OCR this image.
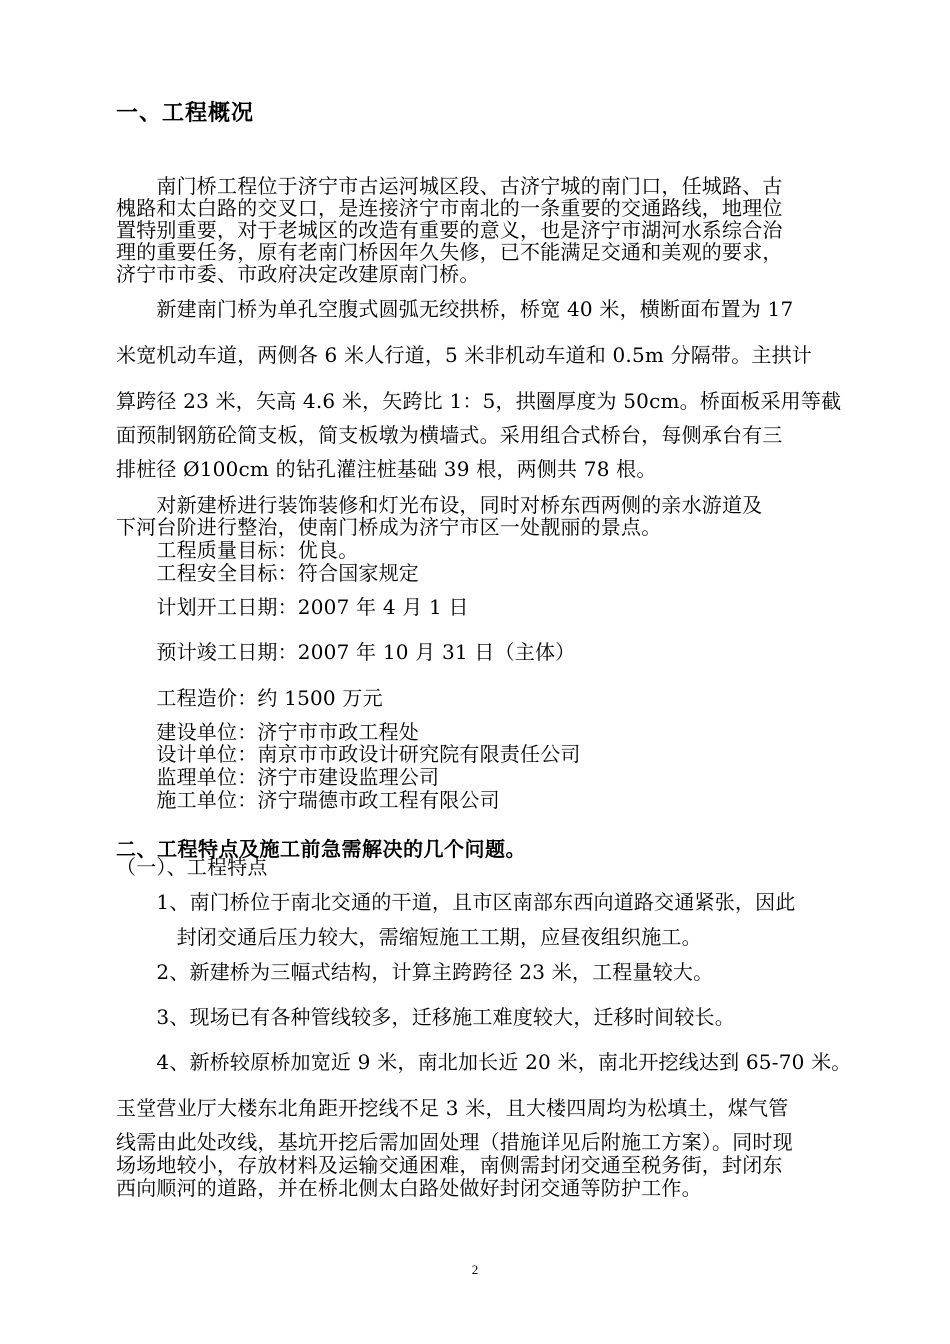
一、工程概况
　　南门桥工程位于济宁市古运河城区段、古济宁城的南门口，任城路、古
槐路和太白路的交叉口，是连接济宁市南北的一条重要的交通路线，地理位
置特别重要，对于老城区的改造有重要的意义，也是济宁市湖河水系综合治
理的重要任务，原有老南门桥因年久失修，已不能满足交通和美观的要求，
济宁市市委、市政府决定改建原南门桥。
　　新建南门桥为单孔空腹式圆弧无绞拱桥，桥宽 40 米，横断面布置为 17
米宽机动车道，两侧各 6 米人行道，5 米非机动车道和 0.5m 分隔带。主拱计
算跨径 23 米，矢高 4.6 米，矢跨比 1：5，拱圈厚度为 50cm。桥面板采用等截
面预制钢筋砼简支板，简支板墩为横墙式。采用组合式桥台，每侧承台有三
排桩径 Ø100cm 的钻孔灌注桩基础 39 根，两侧共 78 根。
　　对新建桥进行装饰装修和灯光布设，同时对桥东西两侧的亲水游道及
下河台阶进行整治，使南门桥成为济宁市区一处靓丽的景点。
　　工程质量目标：优良。
　　工程安全目标：符合国家规定
　　计划开工日期：2007 年 4 月 1 日
　　预计竣工日期：2007 年 10 月 31 日（主体）
　　工程造价：约 1500 万元
　　建设单位：济宁市市政工程处
　　设计单位：南京市市政设计研究院有限责任公司
　　监理单位：济宁市建设监理公司
　　施工单位：济宁瑞德市政工程有限公司
二、工程特点及施工前急需解决的几个问题。
（一）、工程特点
　　1、南门桥位于南北交通的干道，且市区南部东西向道路交通紧张，因此
　　　封闭交通后压力较大，需缩短施工工期，应昼夜组织施工。
　　2、新建桥为三幅式结构，计算主跨跨径 23 米，工程量较大。
　　3、现场已有各种管线较多，迁移施工难度较大，迁移时间较长。
　　4、新桥较原桥加宽近 9 米，南北加长近 20 米，南北开挖线达到 65-70 米。
玉堂营业厅大楼东北角距开挖线不足 3 米，且大楼四周均为松填土，煤气管
线需由此处改线，基坑开挖后需加固处理（措施详见后附施工方案）。同时现
场场地较小，存放材料及运输交通困难，南侧需封闭交通至税务街，封闭东
西向顺河的道路，并在桥北侧太白路处做好封闭交通等防护工作。
2
